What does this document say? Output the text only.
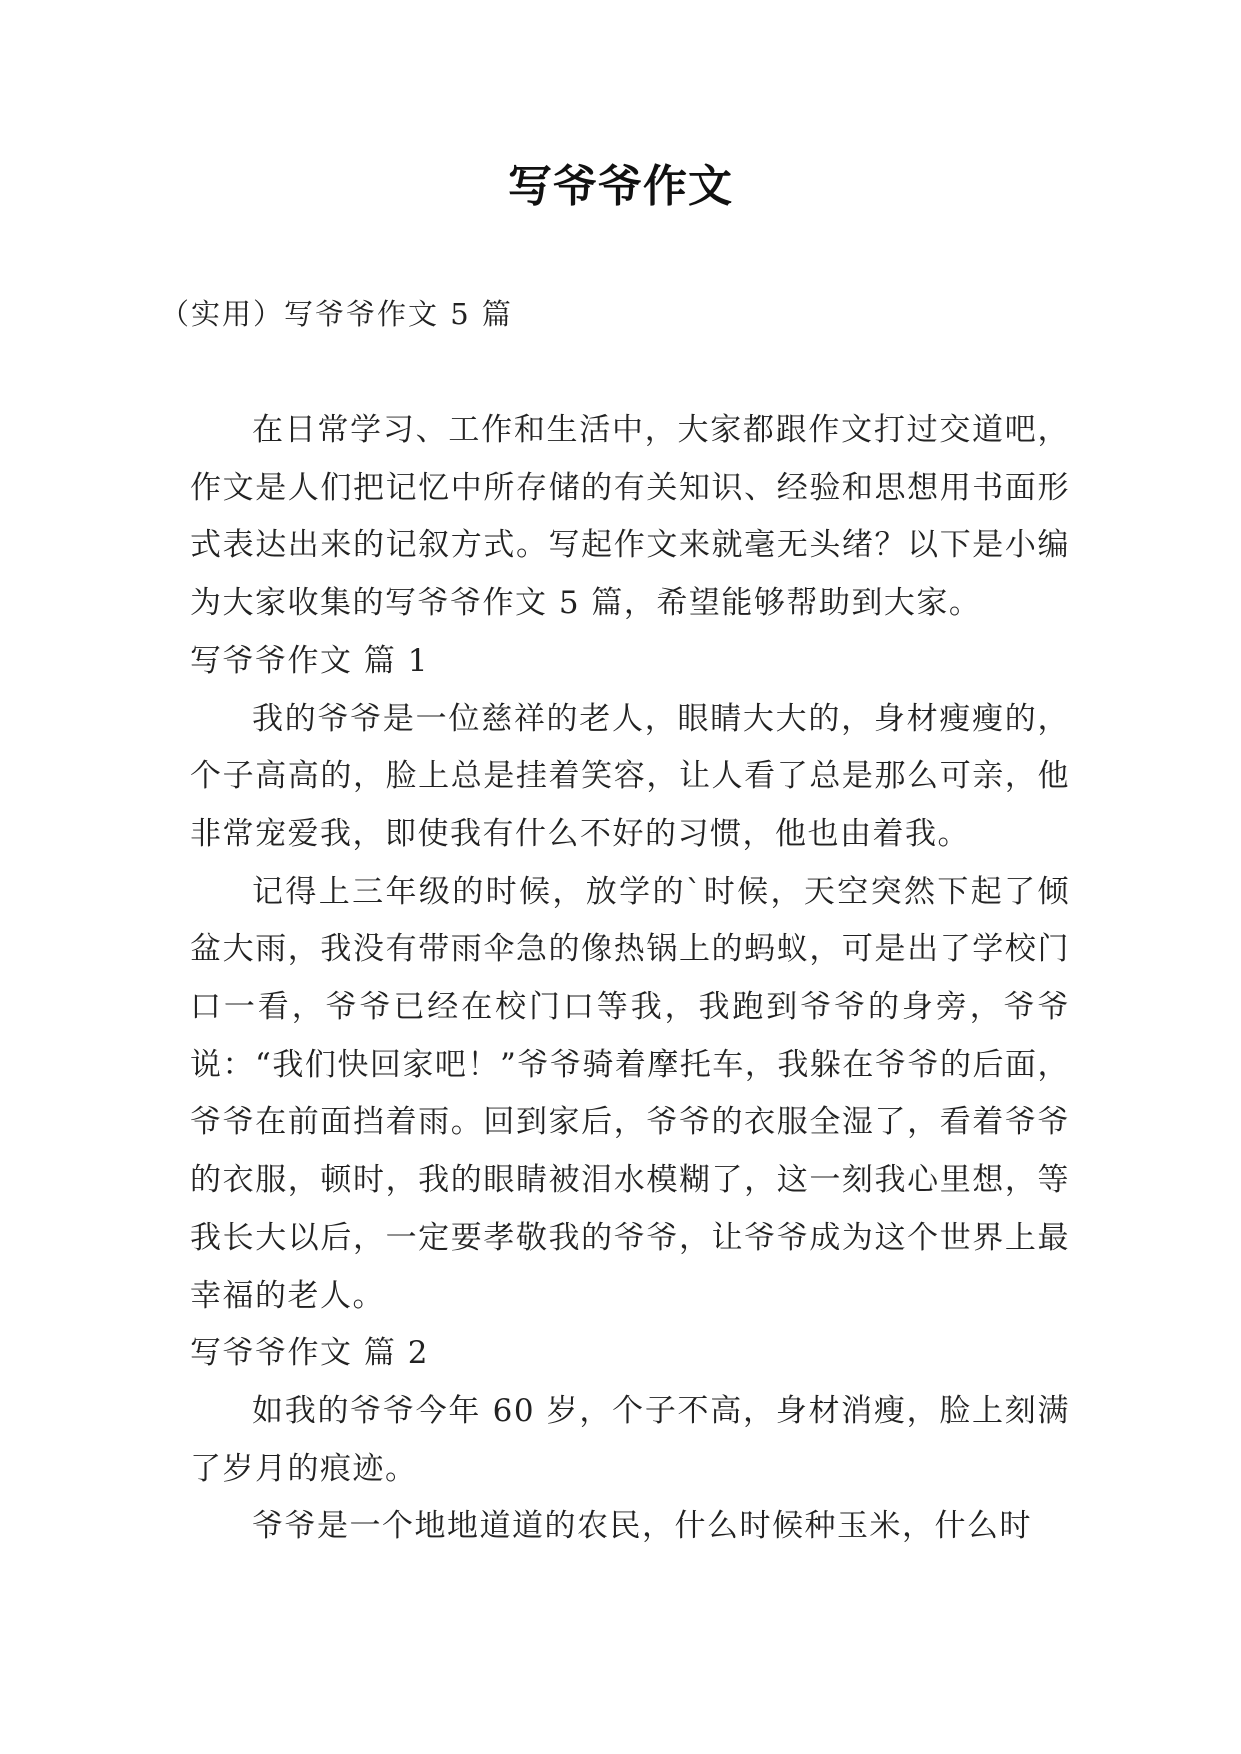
写爷爷作文
（实用）写爷爷作文 5 篇

在日常学习、工作和生活中，大家都跟作文打过交道吧，作文是人们把记忆中所存储的有关知识、经验和思想用书面形式表达出来的记叙方式。写起作文来就毫无头绪？以下是小编为大家收集的写爷爷作文 5 篇，希望能够帮助到大家。

写爷爷作文 篇 1

我的爷爷是一位慈祥的老人，眼睛大大的，身材瘦瘦的，个子高高的，脸上总是挂着笑容，让人看了总是那么可亲，他非常宠爱我，即使我有什么不好的习惯，他也由着我。

记得上三年级的时候，放学的`时候，天空突然下起了倾盆大雨，我没有带雨伞急的像热锅上的蚂蚁，可是出了学校门口一看，爷爷已经在校门口等我，我跑到爷爷的身旁，爷爷说：“我们快回家吧！”爷爷骑着摩托车，我躲在爷爷的后面，爷爷在前面挡着雨。回到家后，爷爷的衣服全湿了，看着爷爷的衣服，顿时，我的眼睛被泪水模糊了，这一刻我心里想，等我长大以后，一定要孝敬我的爷爷，让爷爷成为这个世界上最幸福的老人。

写爷爷作文 篇 2

如我的爷爷今年 60 岁，个子不高，身材消瘦，脸上刻满了岁月的痕迹。

爷爷是一个地地道道的农民，什么时候种玉米，什么时
